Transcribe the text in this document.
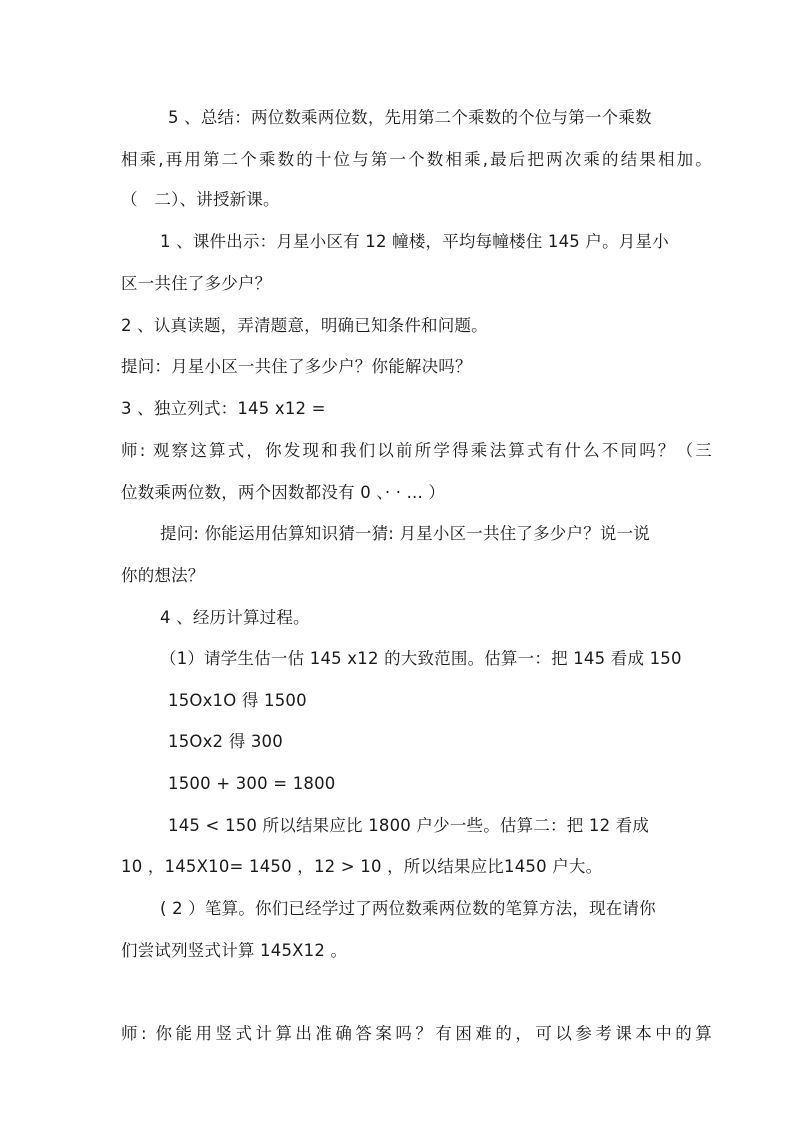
5 、总结：两位数乘两位数，先用第二个乘数的个位与第一个乘数
相乘,再用第二个乘数的十位与第一个数相乘,最后把两次乘的结果相加。
（　二）、讲授新课。
1 、课件出示：月星小区有 12 幢楼，平均每幢楼住 145 户。月星小
区一共住了多少户？
2 、认真读题，弄清题意，明确已知条件和问题。
提问：月星小区一共住了多少户？你能解决吗？
3 、独立列式：145 x12 =
师: 观察这算式，你发现和我们以前所学得乘法算式有什么不同吗？（三
位数乘两位数，两个因数都没有 0 、· · ... ）
提问: 你能运用估算知识猜一猜: 月星小区一共住了多少户？说一说
你的想法？
4 、经历计算过程。
（1）请学生估一估 145 x12 的大致范围。估算一：把 145 看成 150
15Ox1O 得 1500
15Ox2 得 300
1500 + 300 = 1800
145 < 150 所以结果应比 1800 户少一些。估算二：把 12 看成
10 ，145X10= 1450 ，12 > 10 ，所以结果应比1450 户大。
( 2 ）笔算。你们已经学过了两位数乘两位数的笔算方法，现在请你
们尝试列竖式计算 145X12 。
师: 你能用竖式计算出准确答案吗？有困难的，可以参考课本中的算
